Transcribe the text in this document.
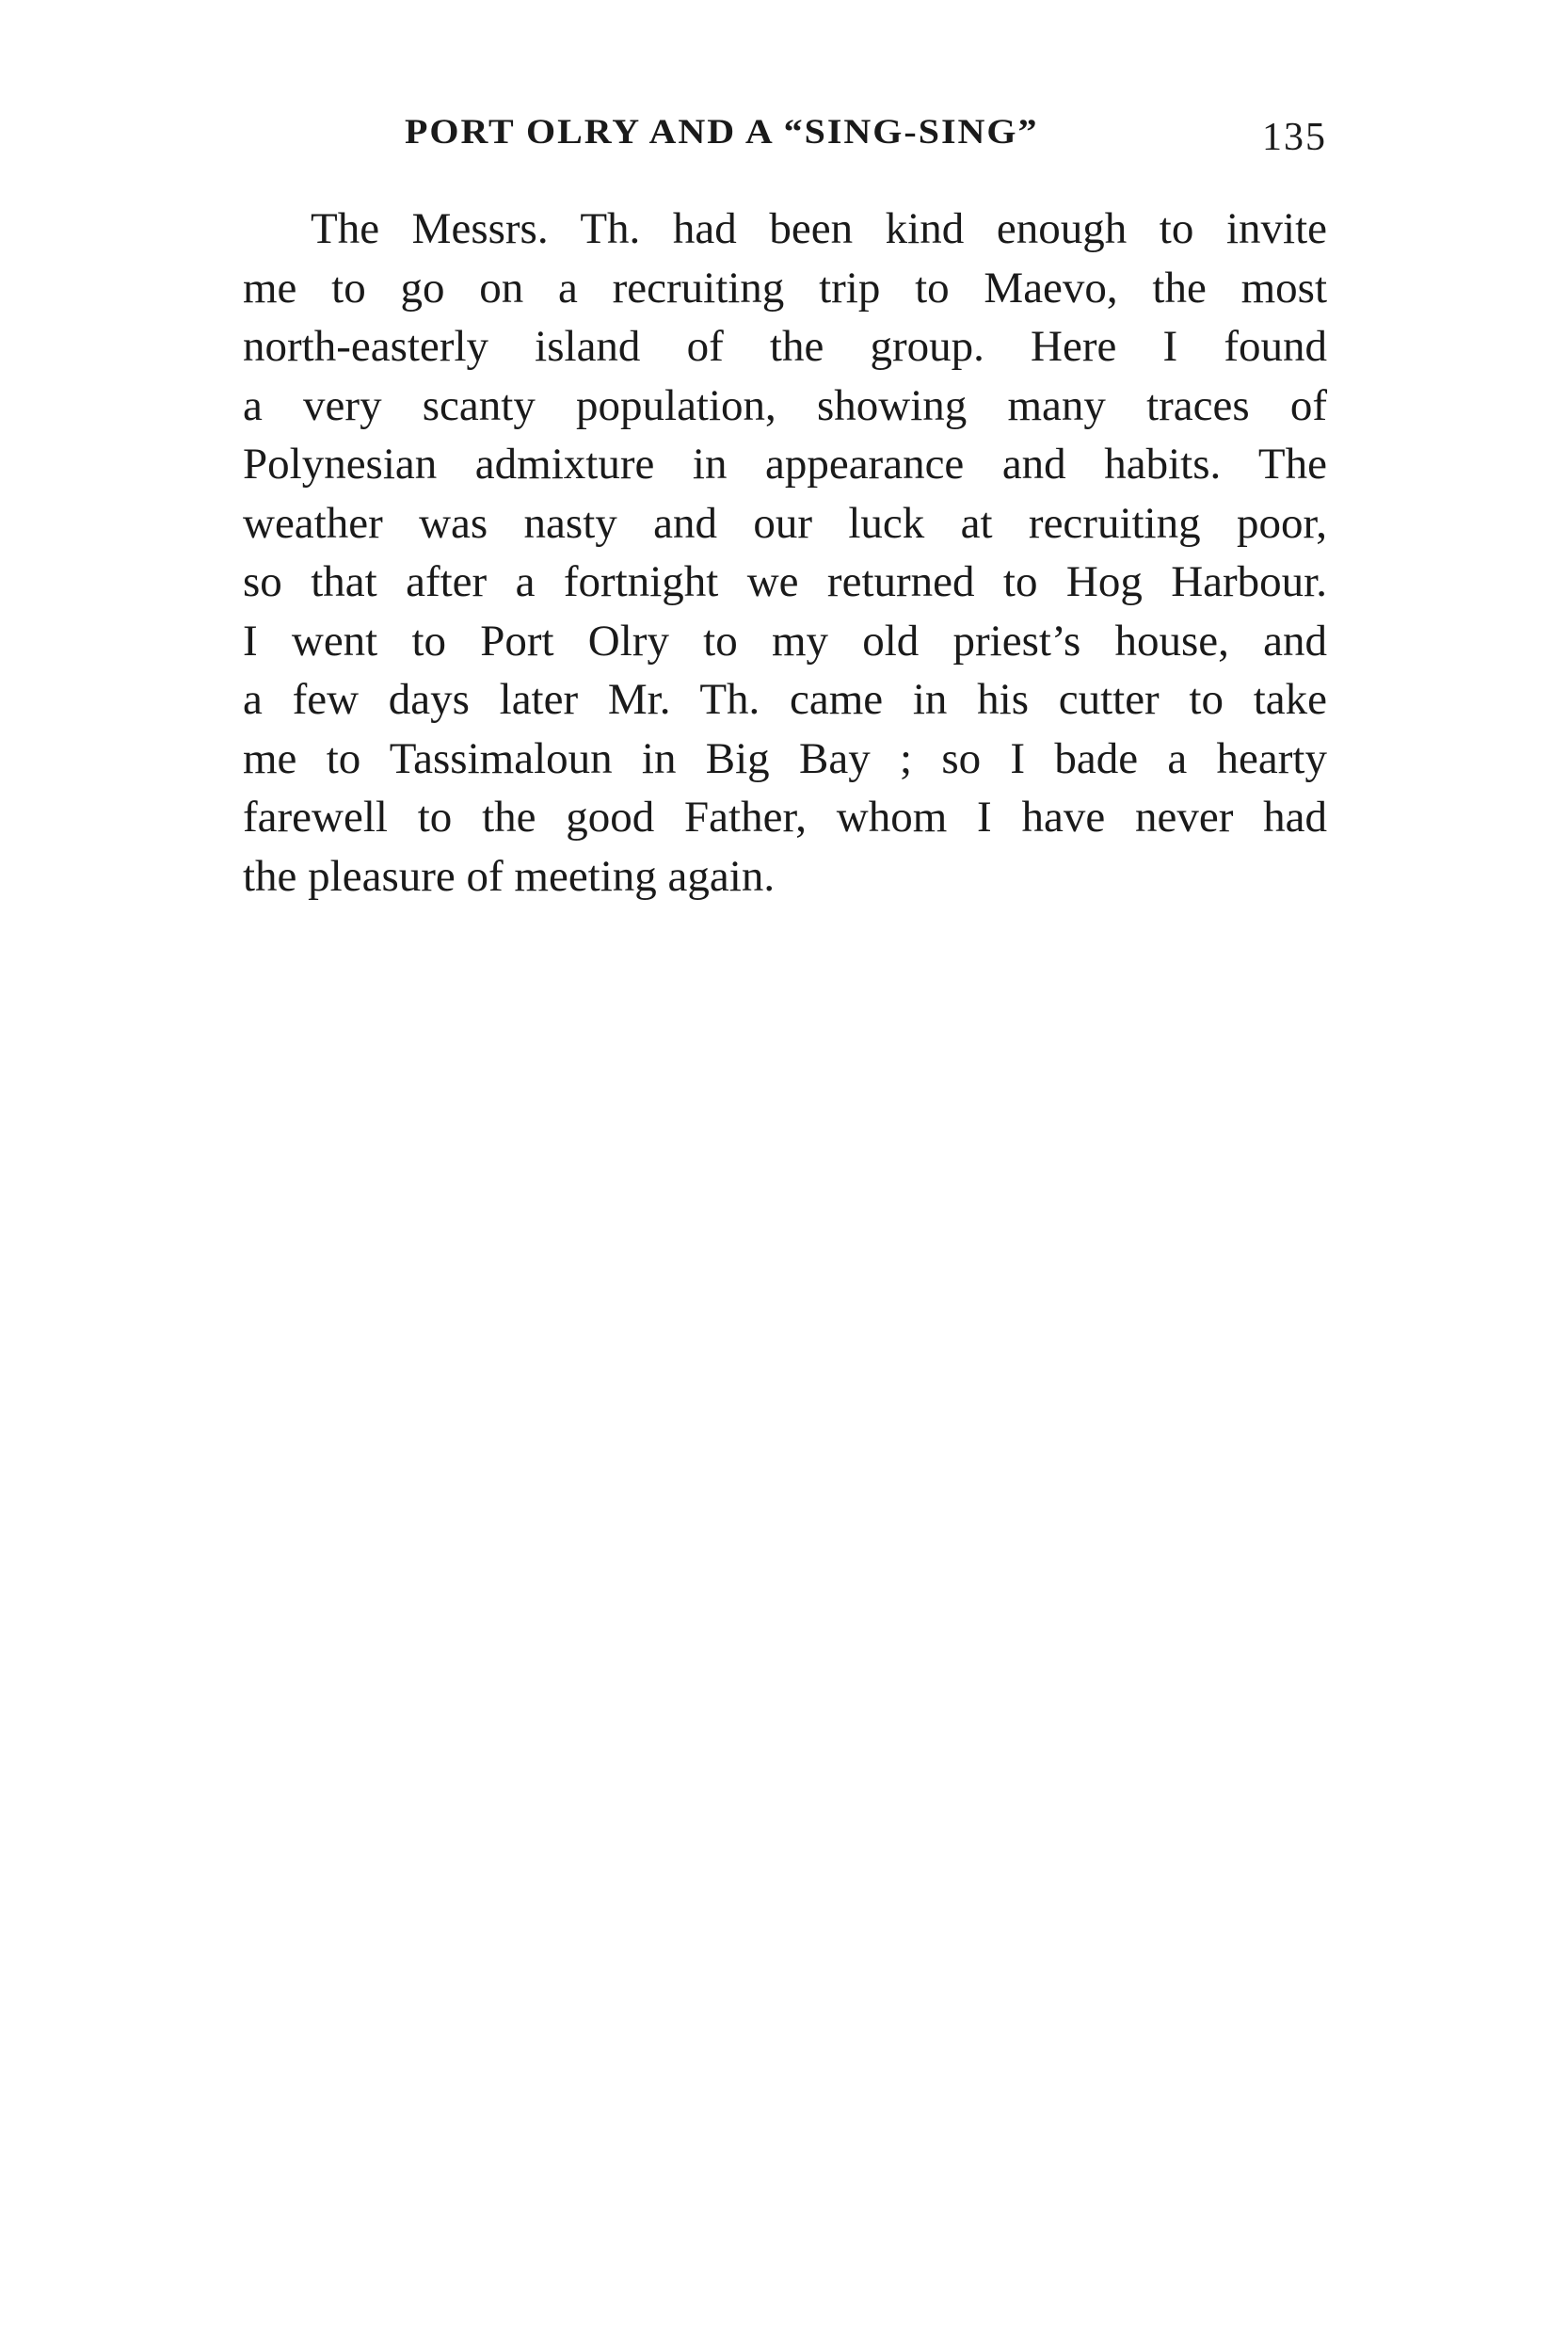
PORT OLRY AND A “SING-SING”	135
The Messrs. Th. had been kind enough to invite
me to go on a recruiting trip to Maevo, the most
north-easterly island of the group. Here I found
a very scanty population, showing many traces of
Polynesian admixture in appearance and habits. The
weather was nasty and our luck at recruiting poor,
so that after a fortnight we returned to Hog Harbour.
I went to Port Olry to my old priest’s house, and
a few days later Mr. Th. came in his cutter to take
me to Tassimaloun in Big Bay ; so I bade a hearty
farewell to the good Father, whom I have never had
the pleasure of meeting again.
